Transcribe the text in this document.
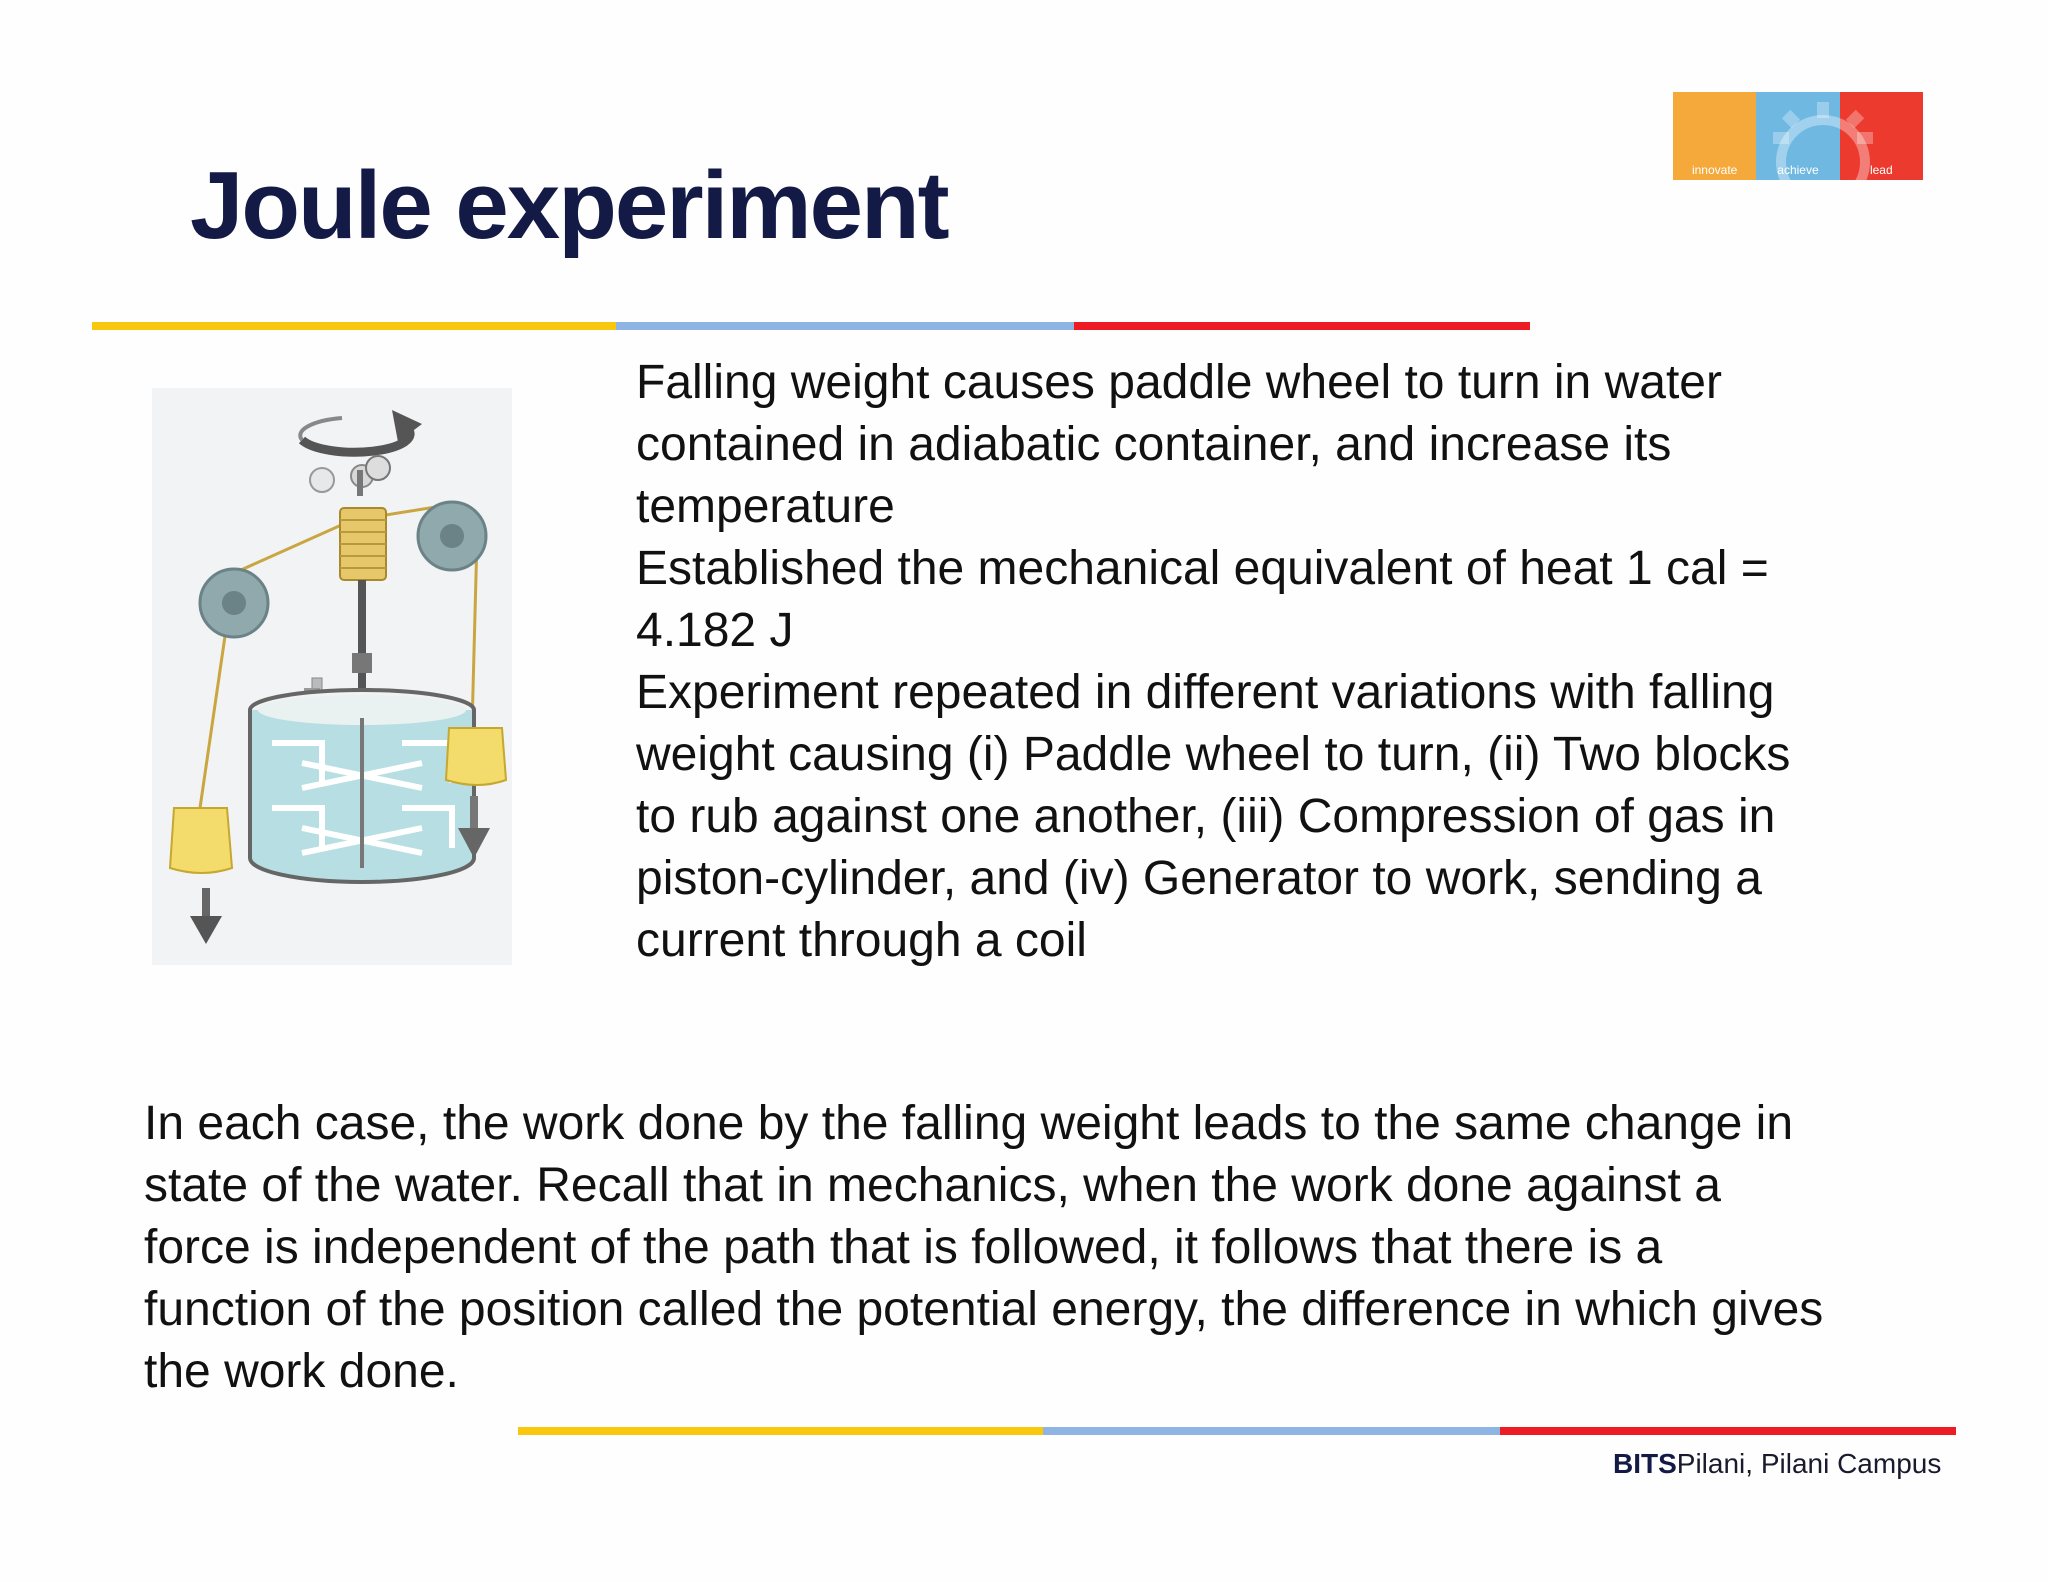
innovate	achieve	lead
Joule experiment

Falling weight causes paddle wheel to turn in water contained in adiabatic container, and increase its temperature

Established the mechanical equivalent of heat 1 cal = 4.182 J

Experiment repeated in different variations with falling weight causing (i) Paddle wheel to turn, (ii) Two blocks to rub against one another, (iii) Compression of gas in piston-cylinder, and (iv) Generator to work, sending a current through a coil

In each case, the work done by the falling weight leads to the same change in state of the water. Recall that in mechanics, when the work done against a force is independent of the path that is followed, it follows that there is a function of the position called the potential energy, the difference in which gives the work done.
BITSPilani, Pilani Campus
